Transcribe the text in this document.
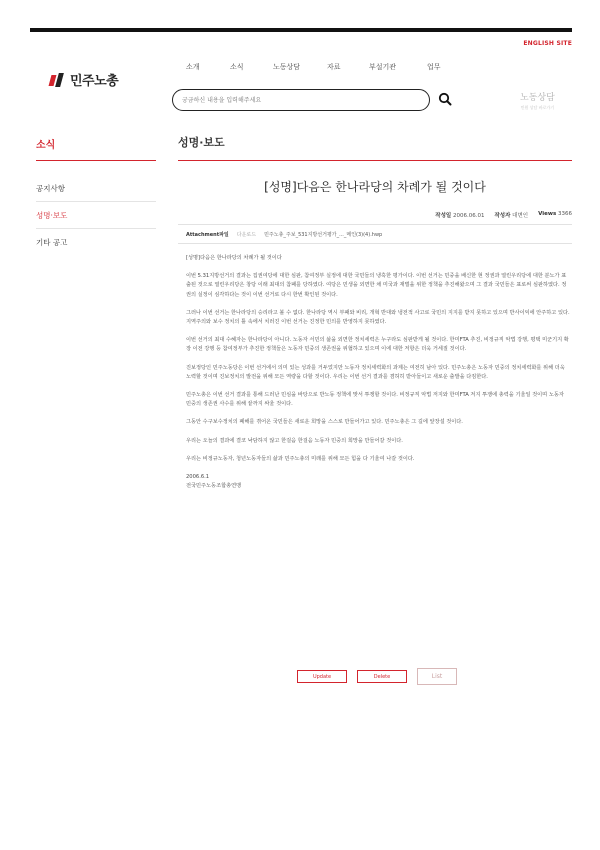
ENGLISH SITE
민주노총
소개	소식	노동상담	자료	부설기관	업무
궁금하신 내용을 입력해주세요
노동상담
민원 상담 바로가기
소식
공지사항
성명·보도
기타 공고
성명·보도
[성명]다음은 한나라당의 차례가 될 것이다
작성일 2006.06.01 작성자 대변인 Views 3366
Attachment파일 다운로드 민주노총_주보_531지방선거평가_..._메인(3)(4).hwp

[성명]다음은 한나라당의 차례가 될 것이다

이번 5.31지방선거의 결과는 집권여당에 대한 심판, 참여정부 실정에 대한 국민들의 냉혹한 평가이다. 이번 선거는 민중을 배신한 현 정권과 열린우리당에 대한 분노가 표출된 것으로 열린우리당은 창당 이래 최대의 참패를 당하였다. 여당은 민생을 외면한 채 미국과 재벌을 위한 정책을 추진해왔으며 그 결과 국민들은 표로써 심판하였다. 정권의 실정이 심각하다는 것이 이번 선거로 다시 한번 확인된 것이다.

그러나 이번 선거는 한나라당의 승리라고 볼 수 없다. 한나라당 역시 부패와 비리, 개혁 반대와 냉전적 사고로 국민의 지지를 받지 못하고 있으며 반사이익에 안주하고 있다. 지역주의와 보수 정치의 틀 속에서 치러진 이번 선거는 진정한 민의를 반영하지 못하였다.

이번 선거의 최대 수혜자는 한나라당이 아니다. 노동자 서민의 삶을 외면한 정치세력은 누구라도 심판받게 될 것이다. 한미FTA 추진, 비정규직 악법 강행, 평택 미군기지 확장 이전 강행 등 참여정부가 추진한 정책들은 노동자 민중의 생존권을 위협하고 있으며 이에 대한 저항은 더욱 거세질 것이다.

진보정당인 민주노동당은 이번 선거에서 의미 있는 성과를 거두었지만 노동자 정치세력화의 과제는 여전히 남아 있다. 민주노총은 노동자 민중의 정치세력화를 위해 더욱 노력할 것이며 진보정치의 발전을 위해 모든 역량을 다할 것이다. 우리는 이번 선거 결과를 겸허히 받아들이고 새로운 출발을 다짐한다.

민주노총은 이번 선거 결과를 통해 드러난 민심을 바탕으로 반노동 정책에 맞서 투쟁할 것이다. 비정규직 악법 저지와 한미FTA 저지 투쟁에 총력을 기울일 것이며 노동자 민중의 생존권 사수를 위해 끝까지 싸울 것이다.

그동안 수구보수정치의 폐해를 겪어온 국민들은 새로운 희망을 스스로 만들어가고 있다. 민주노총은 그 길에 앞장설 것이다.

우리는 오늘의 결과에 결코 낙담하지 않고 한걸음 한걸음 노동자 민중의 희망을 만들어갈 것이다.

우리는 비정규노동자, 청년노동자들의 삶과 민주노총의 미래를 위해 모든 힘을 다 기울여 나갈 것이다.

2006.6.1
전국민주노동조합총연맹
Update	Delete	List
